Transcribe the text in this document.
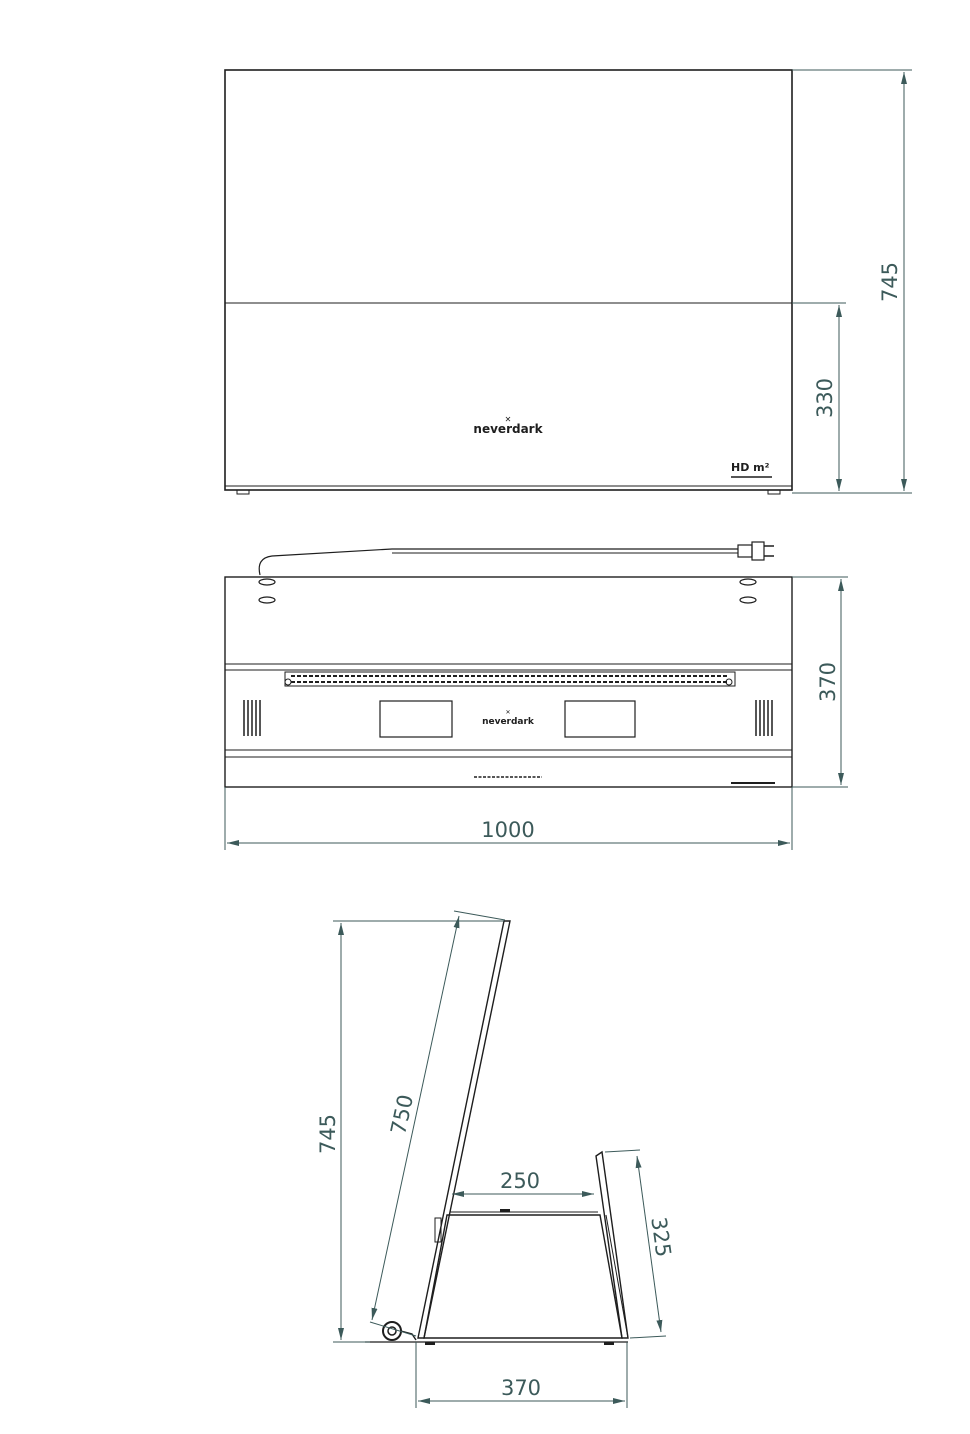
✕
neverdark
HD m²
745
330
✕
neverdark
370
1000
745 750
250
325
370
